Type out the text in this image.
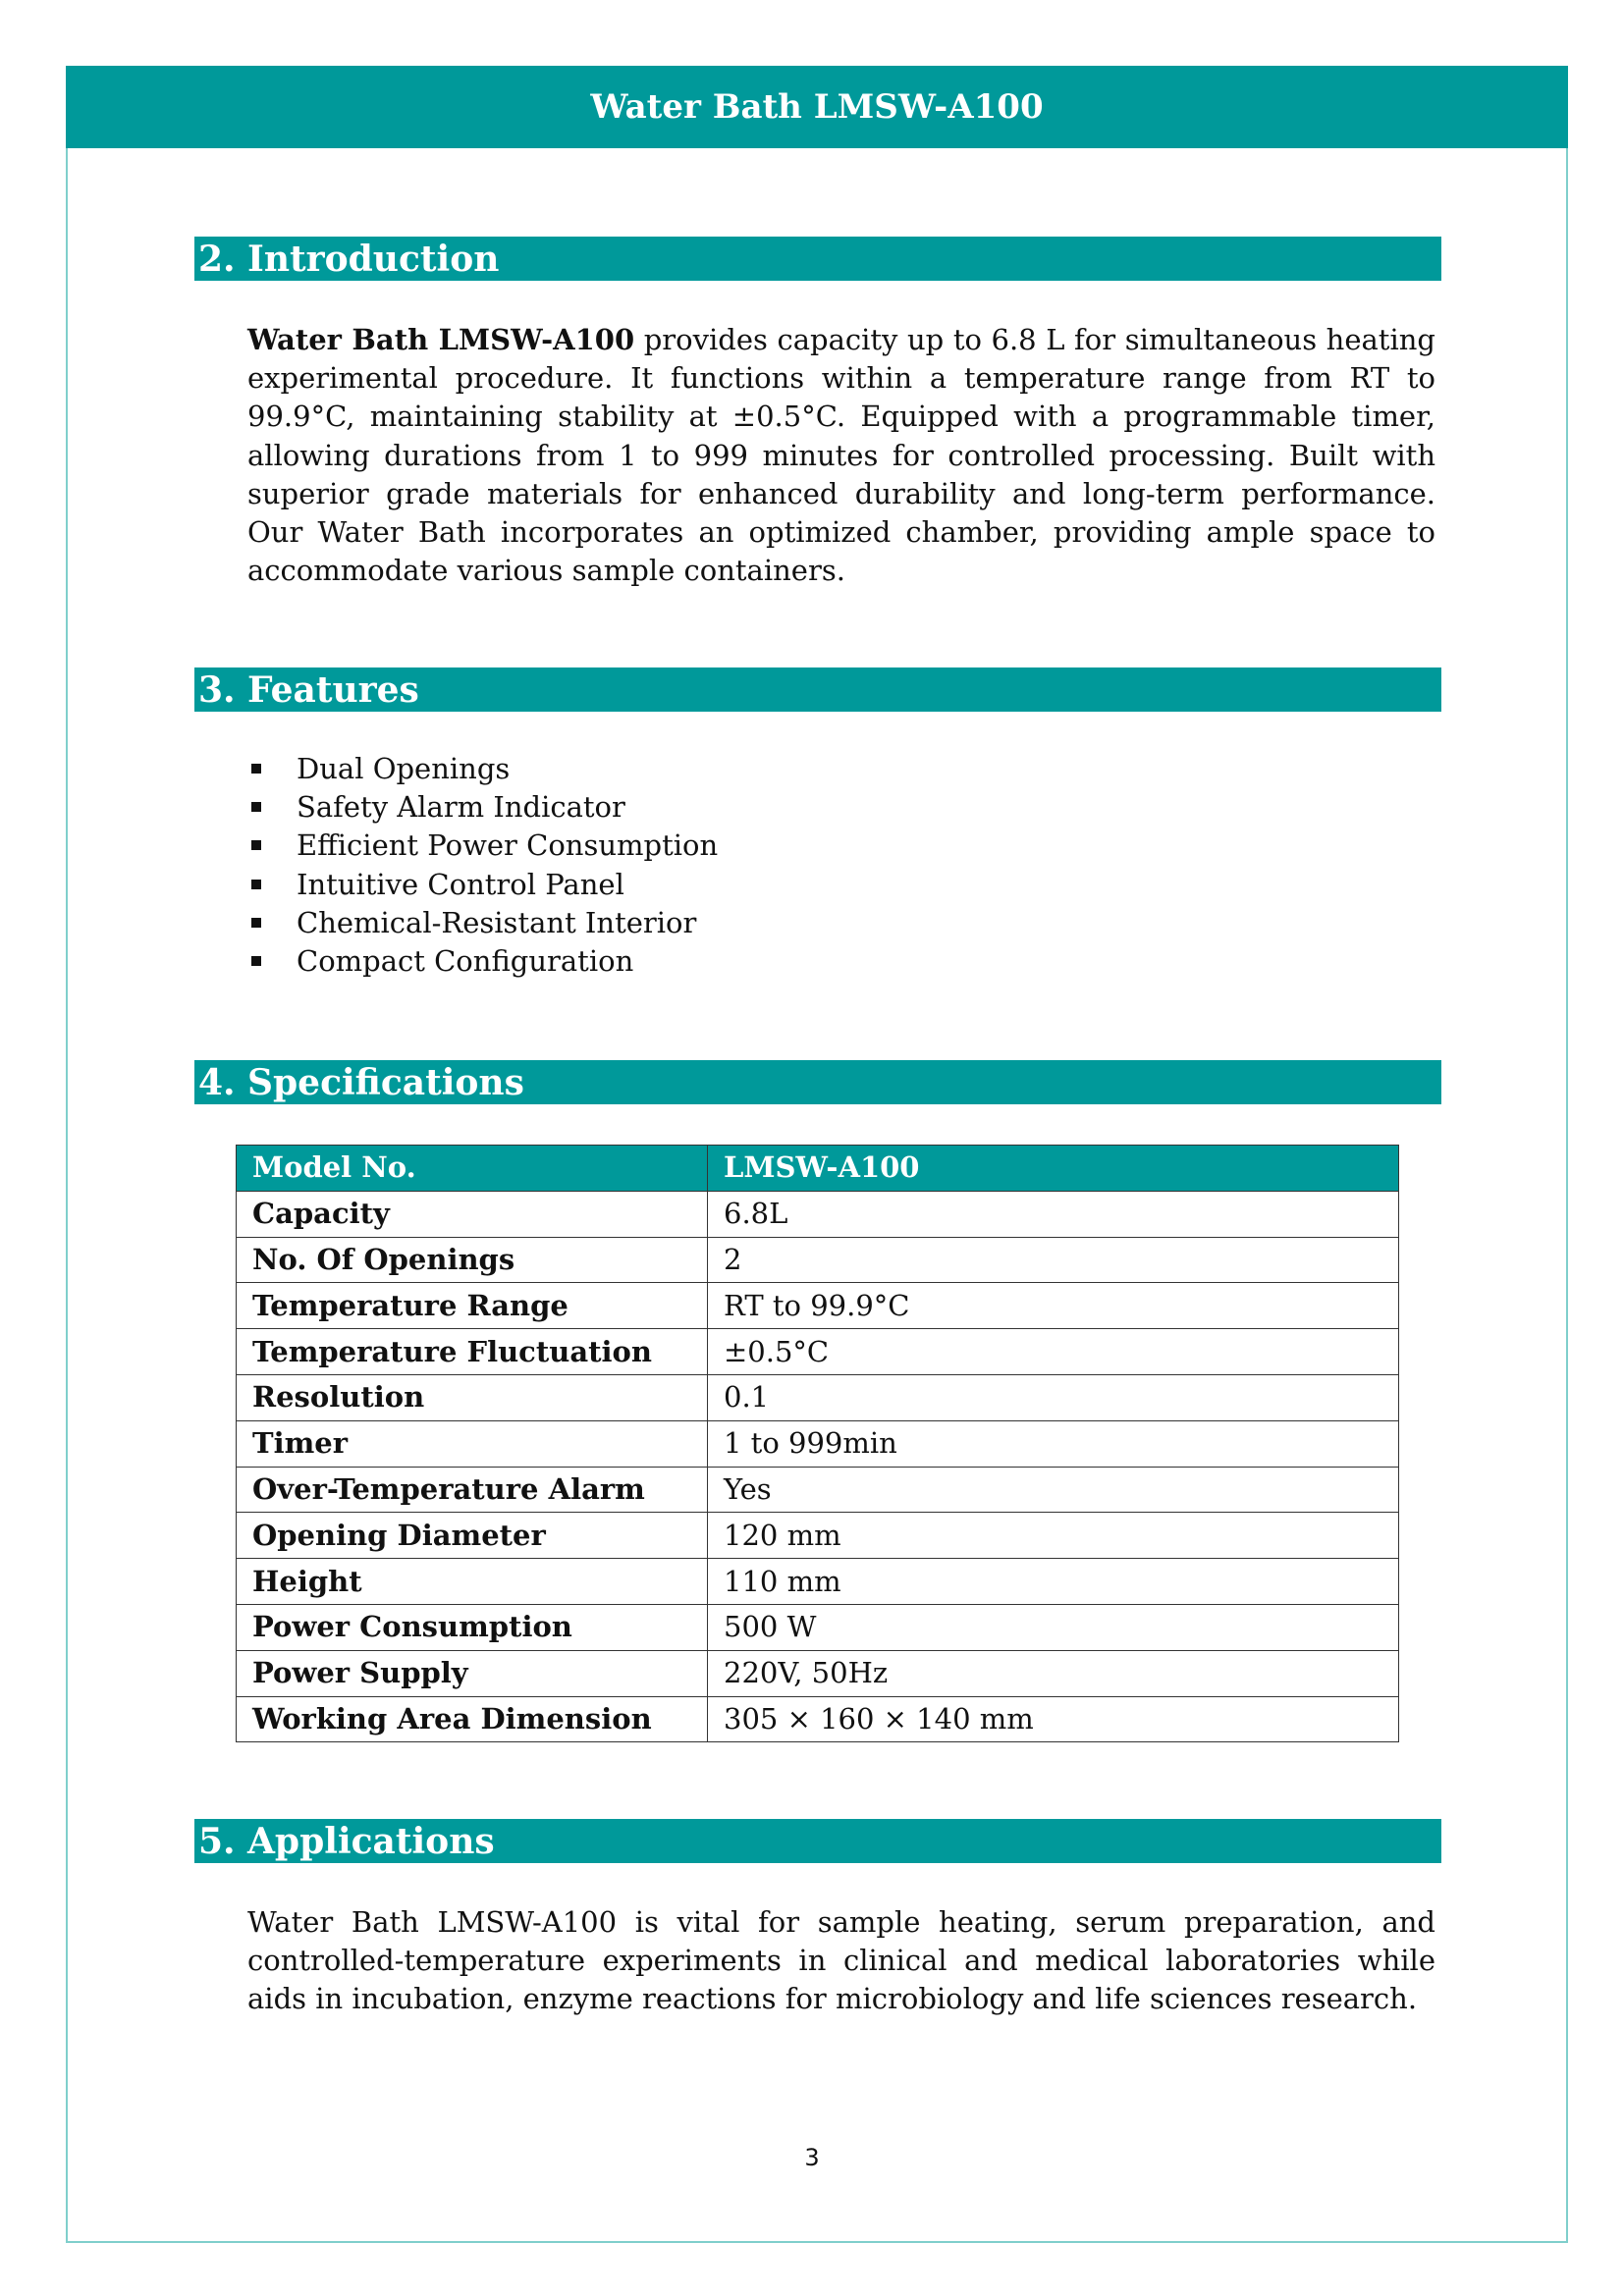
Water Bath LMSW-A100
2. Introduction

Water Bath LMSW-A100 provides capacity up to 6.8 L for simultaneous heating experimental procedure. It functions within a temperature range from RT to 99.9°C, maintaining stability at ±0.5°C. Equipped with a programmable timer, allowing durations from 1 to 999 minutes for controlled processing. Built with superior grade materials for enhanced durability and long-term performance. Our Water Bath incorporates an optimized chamber, providing ample space to accommodate various sample containers.

3. Features
Dual Openings
Safety Alarm Indicator
Efficient Power Consumption
Intuitive Control Panel
Chemical-Resistant Interior
Compact Configuration
4. Specifications
Model No.	LMSW-A100
Capacity	6.8L
No. Of Openings	2
Temperature Range	RT to 99.9°C
Temperature Fluctuation	±0.5°C
Resolution	0.1
Timer	1 to 999min
Over-Temperature Alarm	Yes
Opening Diameter	120 mm
Height	110 mm
Power Consumption	500 W
Power Supply	220V, 50Hz
Working Area Dimension	305 × 160 × 140 mm
5. Applications

Water Bath LMSW-A100 is vital for sample heating, serum preparation, and controlled-temperature experiments in clinical and medical laboratories while aids in incubation, enzyme reactions for microbiology and life sciences research.

3
